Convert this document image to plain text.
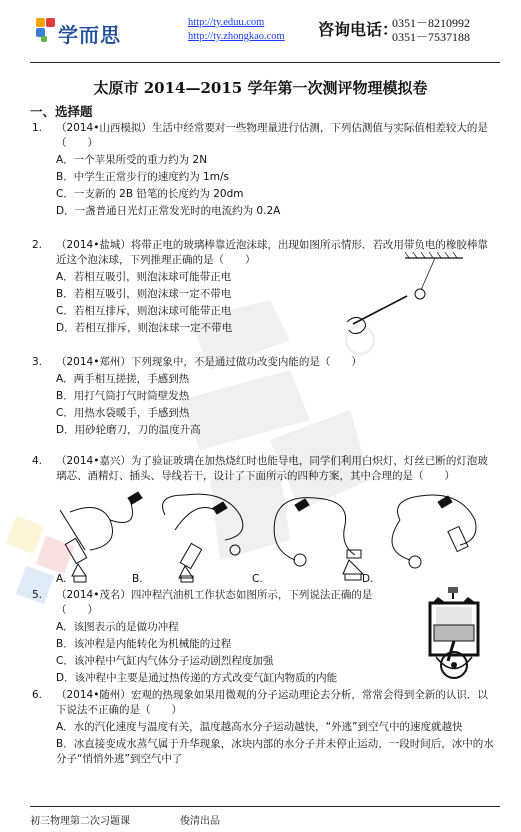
学而思
http://ty.eduu.com
http://ty.zhongkao.com 咨询电话：
0351－8210992
0351－7537188
太原市 2014—2015 学年第一次测评物理模拟卷
一、选择题
1.	（2014•山西模拟）生活中经常要对一些物理量进行估测，下列估测值与实际值相差较大的是（　　）
A．一个苹果所受的重力约为 2N
B．中学生正常步行的速度约为 1m/s
C．一支新的 2B 铅笔的长度约为 20dm
D．一盏普通日光灯正常发光时的电流约为 0.2A
2.	（2014•盐城）将带正电的玻璃棒靠近泡沫球，出现如图所示情形．若改用带负电的橡胶棒靠近这个泡沫球，下列推理正确的是（　　）
A．若相互吸引，则泡沫球可能带正电
B．若相互吸引，则泡沫球一定不带电
C．若相互排斥，则泡沫球可能带正电
D．若相互排斥，则泡沫球一定不带电
3.	（2014•郑州）下列现象中，不是通过做功改变内能的是（　　）
A．两手相互搓搓，手感到热
B．用打气筒打气时筒壁发热
C．用热水袋暖手，手感到热
D．用砂轮磨刀，刀的温度升高
4.	（2014•嘉兴）为了验证玻璃在加热烧红时也能导电，同学们利用白炽灯，灯丝已断的灯泡玻璃芯、酒精灯、插头、导线若干，设计了下面所示的四种方案，其中合理的是（　　）
A.	B.	C.	D.
5.	（2014•茂名）四冲程汽油机工作状态如图所示，下列说法正确的是（　　）
A．该图表示的是做功冲程
B．该冲程是内能转化为机械能的过程
C．该冲程中气缸内气体分子运动剧烈程度加强
D．该冲程中主要是通过热传递的方式改变气缸内物质的内能
6.	（2014•随州）宏观的热现象如果用微观的分子运动理论去分析，常常会得到全新的认识．以下说法不正确的是（　　）
A．水的汽化速度与温度有关，温度越高水分子运动越快，“外逃”到空气中的速度就越快
B．冰直接变成水蒸气属于升华现象，冰块内部的水分子并未停止运动，一段时间后，冰中的水分子“悄悄外逃”到空气中了
初三物理第二次习题课	俊清出品
